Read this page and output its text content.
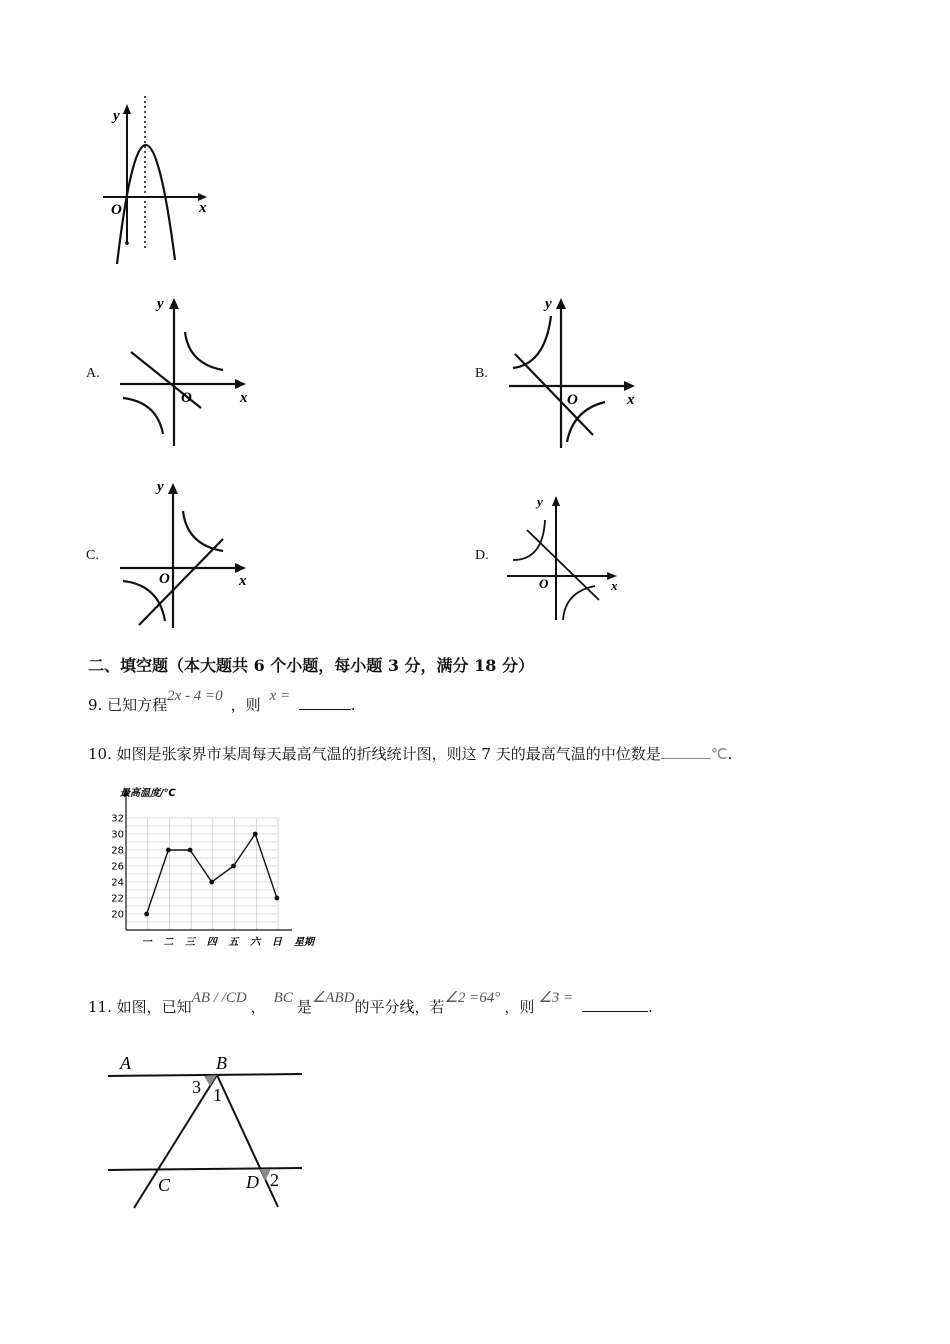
y
x
O
A.
y
x
O
B.
y
x
O
C.
y
x
O
D.
y
x
O
二、填空题（本大题共 6 个小题，每小题 3 分，满分 18 分）
9. 已知方程2x - 4 =0 ，则 x =	.
10. 如图是张家界市某周每天最高气温的折线统计图，则这 7 天的最高气温的中位数是	℃.
最高温度/℃
20
22
24
26
28
30
32
一 二 三 四 五 六 日 星期
11. 如图，已知AB / /CD ， BC 是∠ABD的平分线，若∠2 =64° ，则 ∠3 =	.
A	B
C	D
3 1
2
